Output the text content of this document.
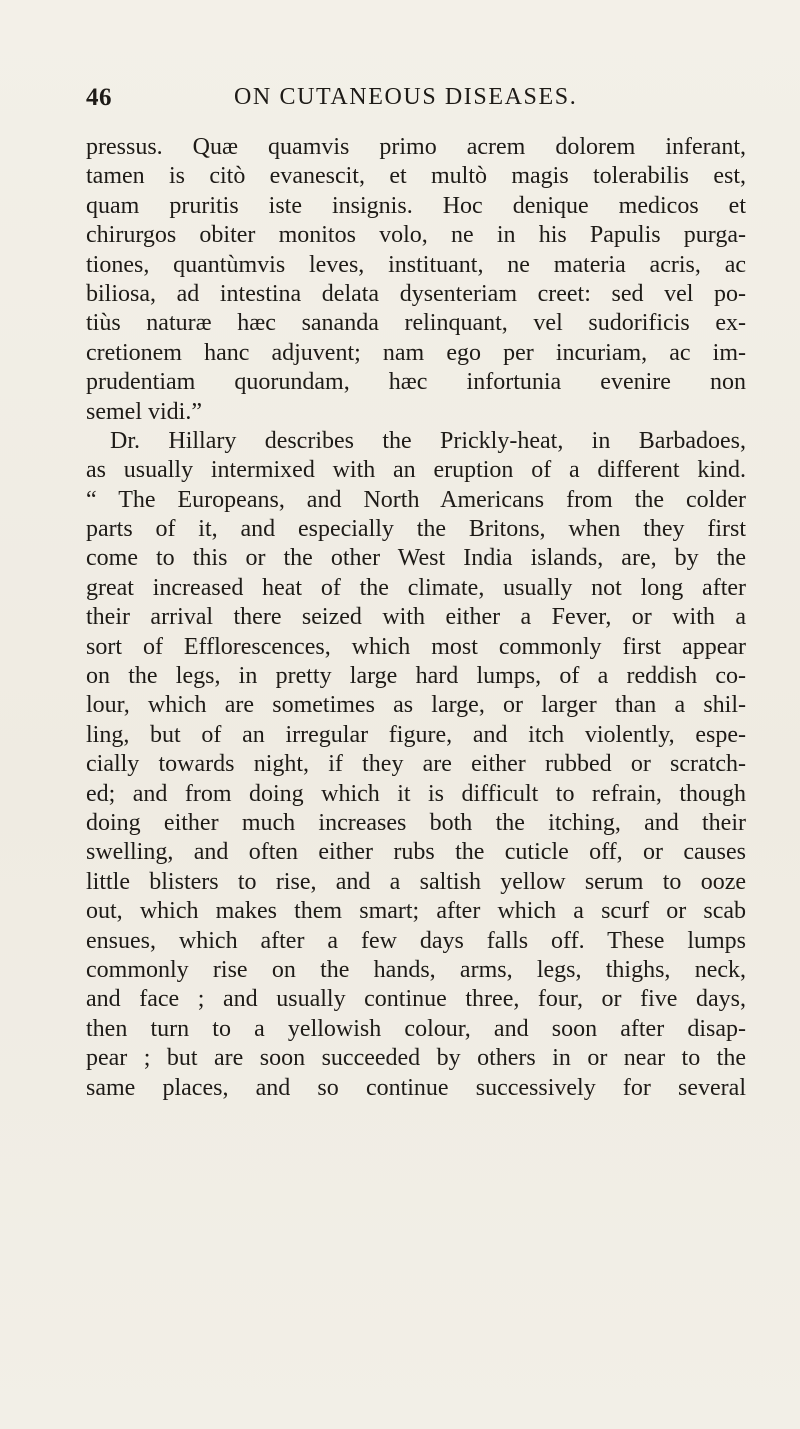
46	ON CUTANEOUS DISEASES.
pressus. Quæ quamvis primo acrem dolorem inferant,
tamen is citò evanescit, et multò magis tolerabilis est,
quam pruritis iste insignis. Hoc denique medicos et
chirurgos obiter monitos volo, ne in his Papulis purga-
tiones, quantùmvis leves, instituant, ne materia acris, ac
biliosa, ad intestina delata dysenteriam creet: sed vel po-
tiùs naturæ hæc sananda relinquant, vel sudorificis ex-
cretionem hanc adjuvent; nam ego per incuriam, ac im-
prudentiam quorundam, hæc infortunia evenire non
semel vidi.”
Dr. Hillary describes the Prickly-heat, in Barbadoes,
as usually intermixed with an eruption of a different kind.
“ The Europeans, and North Americans from the colder
parts of it, and especially the Britons, when they first
come to this or the other West India islands, are, by the
great increased heat of the climate, usually not long after
their arrival there seized with either a Fever, or with a
sort of Efflorescences, which most commonly first appear
on the legs, in pretty large hard lumps, of a reddish co-
lour, which are sometimes as large, or larger than a shil-
ling, but of an irregular figure, and itch violently, espe-
cially towards night, if they are either rubbed or scratch-
ed; and from doing which it is difficult to refrain, though
doing either much increases both the itching, and their
swelling, and often either rubs the cuticle off, or causes
little blisters to rise, and a saltish yellow serum to ooze
out, which makes them smart; after which a scurf or scab
ensues, which after a few days falls off. These lumps
commonly rise on the hands, arms, legs, thighs, neck,
and face ; and usually continue three, four, or five days,
then turn to a yellowish colour, and soon after disap-
pear ; but are soon succeeded by others in or near to the
same places, and so continue successively for several
